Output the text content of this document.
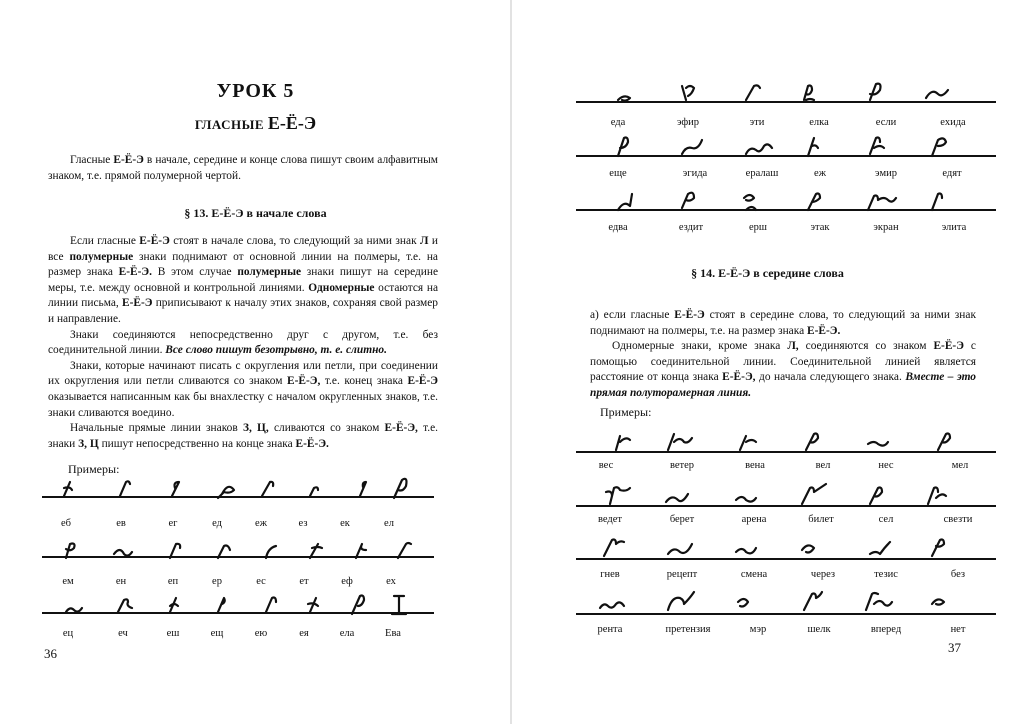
УРОК 5
ГЛАСНЫЕ Е-Ё-Э

Гласные Е-Ё-Э в начале, середине и конце слова пишут своим алфавитным знаком, т.е. прямой полумерной чертой.

§ 13. Е-Ё-Э в начале слова

Если гласные Е-Ё-Э стоят в начале слова, то следующий за ними знак Л и все полумерные знаки поднимают от основной линии на полмеры, т.е. на размер знака Е-Ё-Э. В этом случае полумерные знаки пишут на середине меры, т.е. между основной и контрольной линиями. Одномерные остаются на линии письма, Е-Ё-Э приписывают к началу этих знаков, сохраняя свой размер и направление.

Знаки соединяются непосредственно друг с другом, т.е. без соединительной линии. Все слово пишут безотрывно, т. е. слитно.

Знаки, которые начинают писать с округления или петли, при соединении их округления или петли сливаются со знаком Е-Ё-Э, т.е. конец знака Е-Ё-Э оказывается написанным как бы внахлестку с началом округленных знаков, т.е. знаки сливаются воедино.

Начальные прямые линии знаков З, Ц, сливаются со знаком Е-Ё-Э, т.е. знаки З, Ц пишут непосредственно на конце знака Е-Ё-Э.

Примеры:
еб	ев	ег	ед	еж	ез	ек	ел
ем	ен	еп	ер	ес	ет	еф	ех
ец	еч	еш	ещ	ею	ея	ела	Ева
36
еда	эфир	эти	елка	если	ехида
еще	эгида	ералаш	еж	эмир	едят
едва	ездит	ерш	этак	экран	элита
§ 14. Е-Ё-Э в середине слова

а) если гласные Е-Ё-Э стоят в середине слова, то следующий за ними знак поднимают на полмеры, т.е. на размер знака Е-Ё-Э.

Одномерные знаки, кроме знака Л, соединяются со знаком Е-Ё-Э с помощью соединительной линии. Соединительной линией является расстояние от конца знака Е-Ё-Э, до начала следующего знака. Вместе – это прямая полуторамерная линия.

Примеры:
вес	ветер	вена	вел	нес	мел
ведет	берет	арена	билет	сел	свезти
гнев	рецепт	смена	через	тезис	без
рента	претензия	мэр	шелк	вперед	нет
37
